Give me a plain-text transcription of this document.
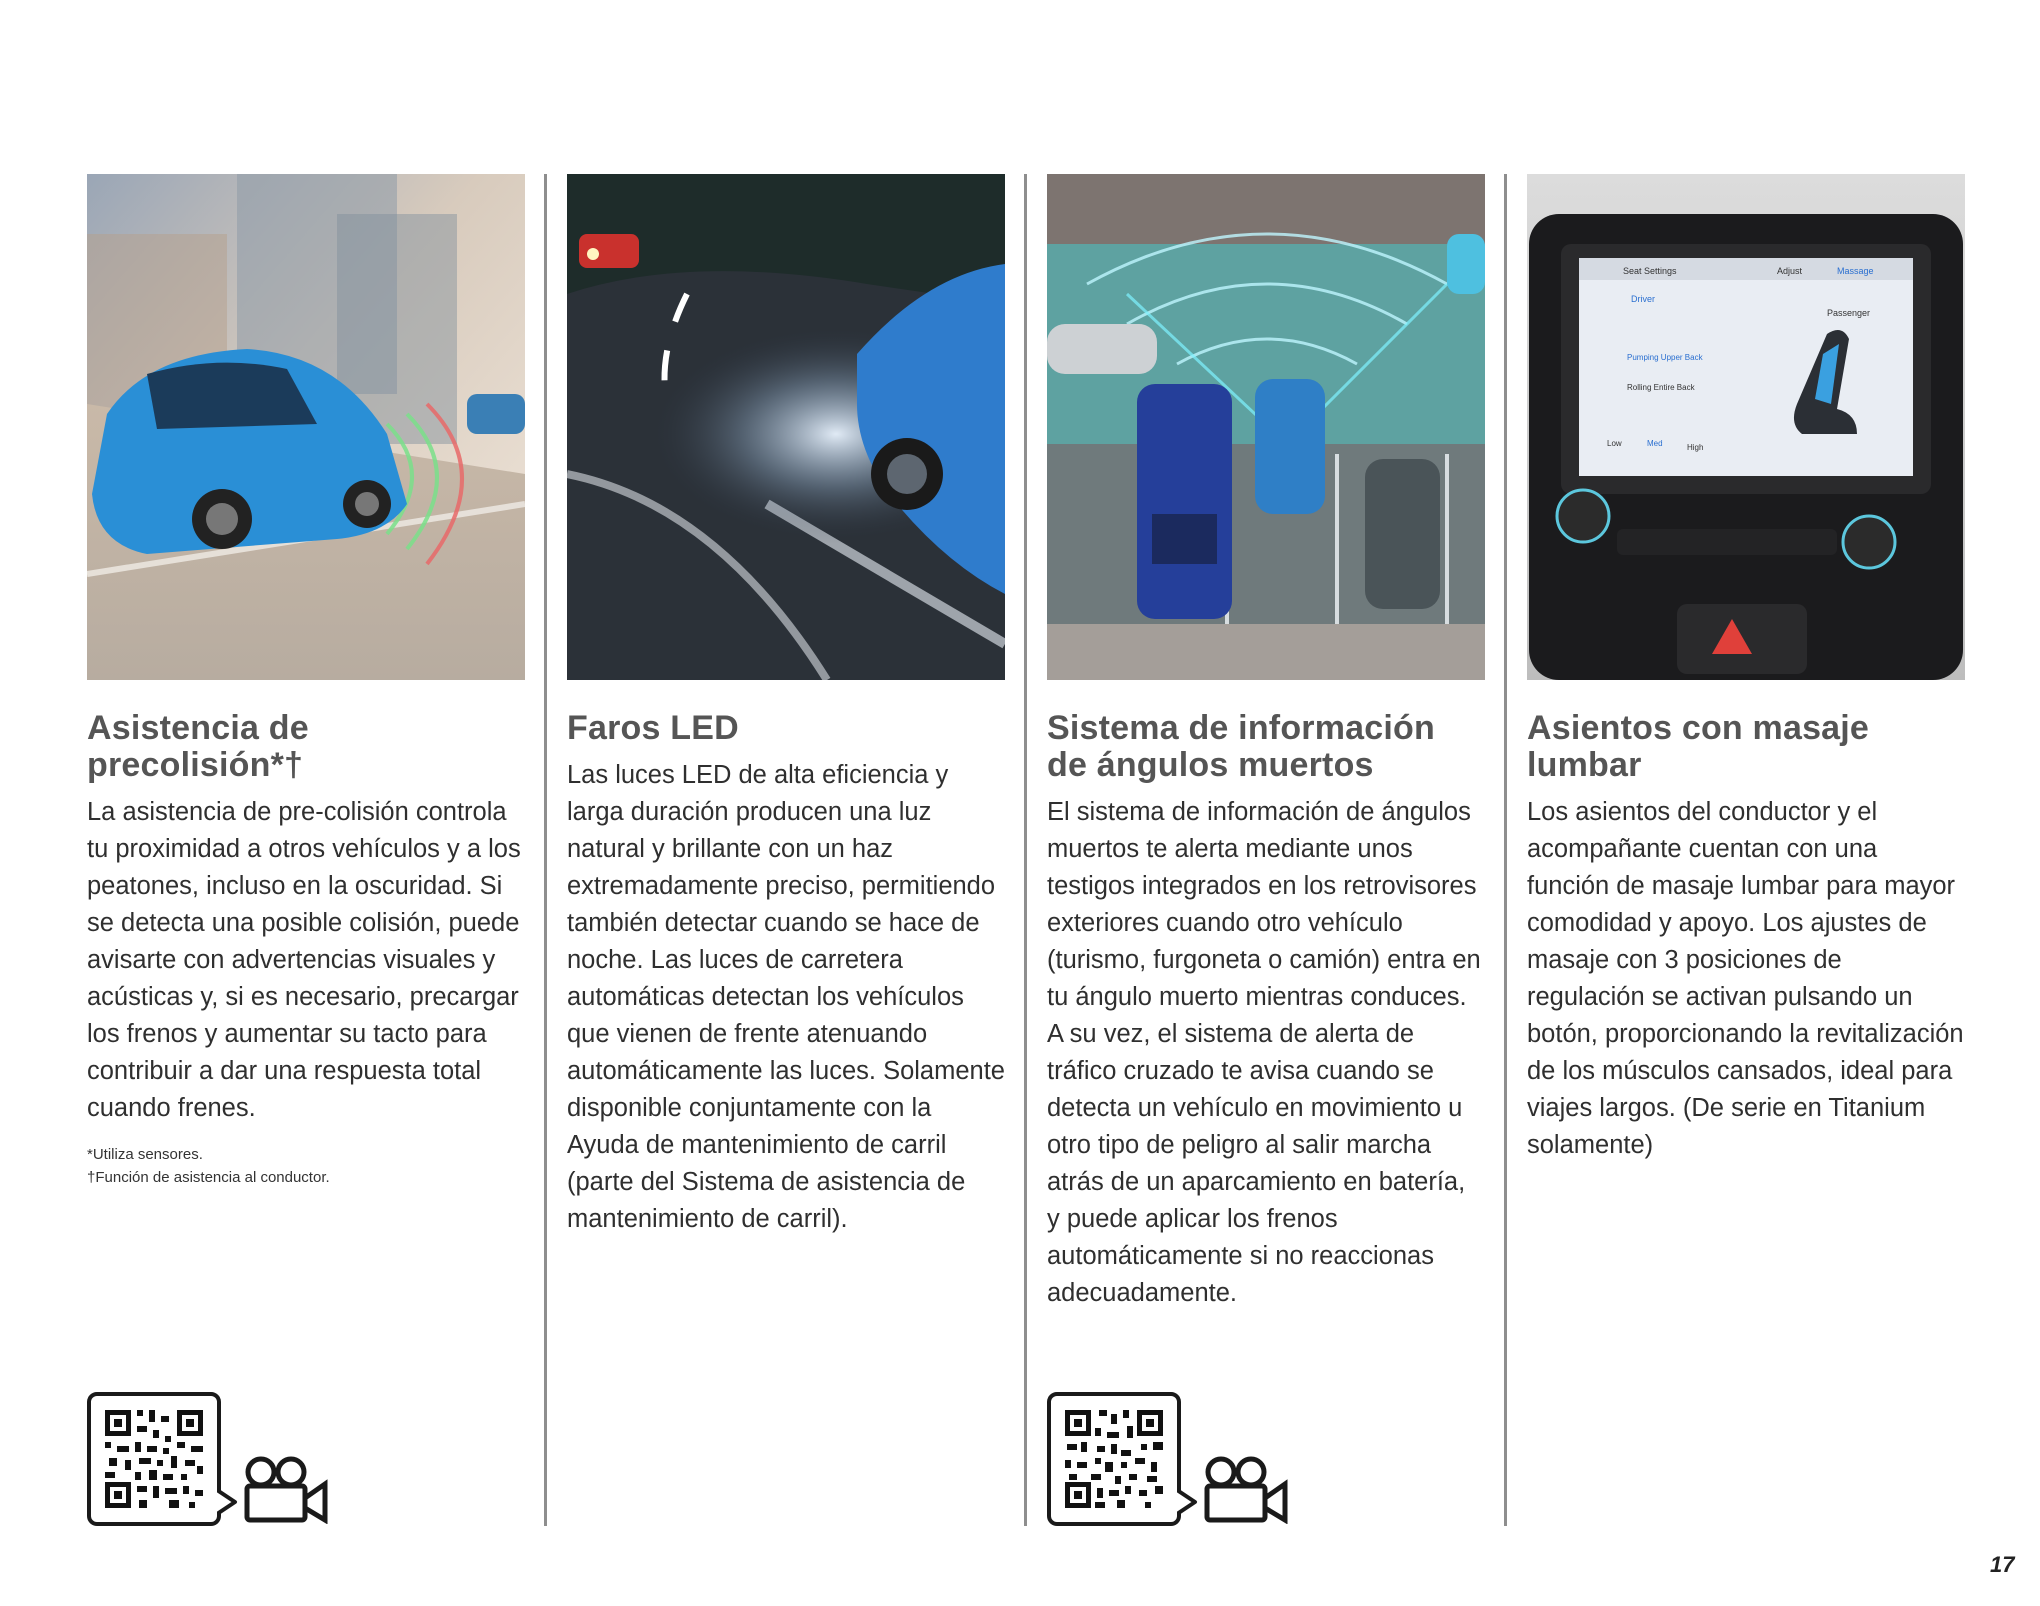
Asistencia de
precolisión*†
La asistencia de pre-colisión controla tu proximidad a otros vehículos y a los peatones, incluso en la oscuridad. Si se detecta una posible colisión, puede avisarte con advertencias visuales y acústicas y, si es necesario, precargar los frenos y aumentar su tacto para contribuir a dar una respuesta total cuando frenes.
*Utiliza sensores.
†Función de asistencia al conductor.
Faros LED
Las luces LED de alta eficiencia y larga duración producen una luz natural y brillante con un haz extremadamente preciso, permitiendo también detectar cuando se hace de noche. Las luces de carretera automáticas detectan los vehículos que vienen de frente atenuando automáticamente las luces. Solamente disponible conjuntamente con la Ayuda de mantenimiento de carril (parte del Sistema de asistencia de mantenimiento de carril).
Sistema de información
de ángulos muertos
El sistema de información de ángulos muertos te alerta mediante unos testigos integrados en los retrovisores exteriores cuando otro vehículo (turismo, furgoneta o camión) entra en tu ángulo muerto mientras conduces. A su vez, el sistema de alerta de tráfico cruzado te avisa cuando se detecta un vehículo en movimiento u otro tipo de peligro al salir marcha atrás de un aparcamiento en batería, y puede aplicar los frenos automáticamente si no reaccionas adecuadamente.
Seat Settings	Adjust	Massage
Driver
Passenger
Pumping Upper Back
Rolling Entire Back
Low	Med	High
Asientos con masaje
lumbar
Los asientos del conductor y el acompañante cuentan con una función de masaje lumbar para mayor comodidad y apoyo. Los ajustes de masaje con 3 posiciones de regulación se activan pulsando un botón, proporcionando la revitalización de los músculos cansados, ideal para viajes largos. (De serie en Titanium solamente)
17
